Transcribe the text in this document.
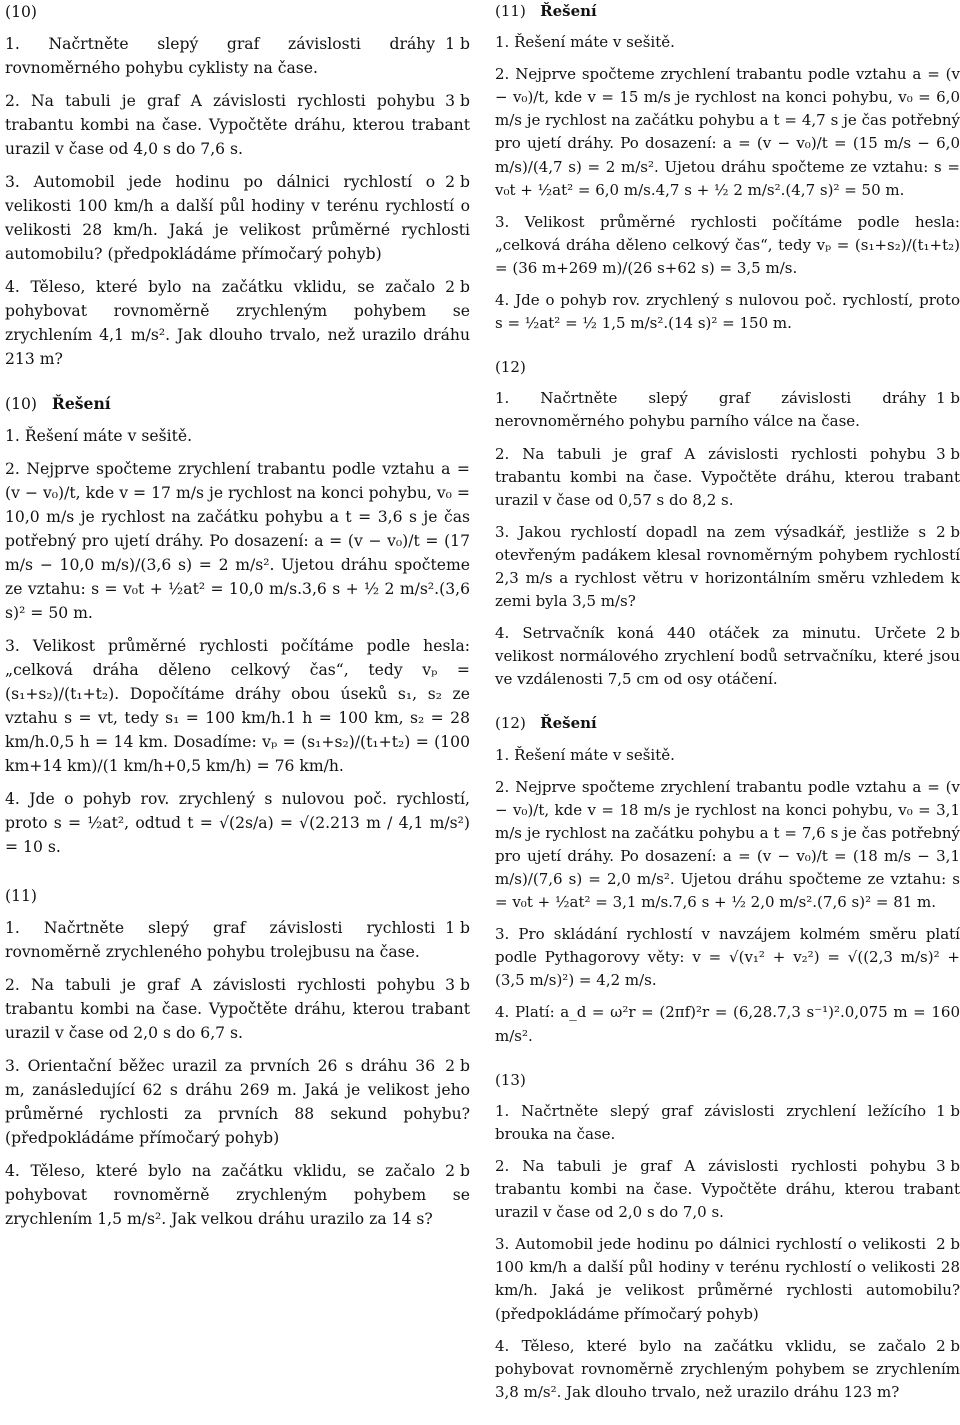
(10)
1 b
1. Načrtněte slepý graf závislosti dráhy rovnoměrného pohybu cyklisty na čase.
3 b
2. Na tabuli je graf A závislosti rychlosti pohybu trabantu kombi na čase. Vypočtěte dráhu, kterou trabant urazil v čase od 4,0 s do 7,6 s.
2 b
3. Automobil jede hodinu po dálnici rychlostí o velikosti 100 km/h a další půl hodiny v terénu rychlostí o velikosti 28 km/h. Jaká je velikost průměrné rychlosti automobilu? (předpokládáme přímočarý pohyb)
2 b
4. Těleso, které bylo na začátku vklidu, se začalo pohybovat rovnoměrně zrychleným pohybem se zrychlením 4,1 m/s². Jak dlouho trvalo, než urazilo dráhu 213 m?
(10) Řešení
1. Řešení máte v sešitě.
2. Nejprve spočteme zrychlení trabantu podle vztahu a = (v − v₀)/t, kde v = 17 m/s je rychlost na konci pohybu, v₀ = 10,0 m/s je rychlost na začátku pohybu a t = 3,6 s je čas potřebný pro ujetí dráhy. Po dosazení: a = (v − v₀)/t = (17 m/s − 10,0 m/s)/(3,6 s) = 2 m/s². Ujetou dráhu spočteme ze vztahu: s = v₀t + ½at² = 10,0 m/s.3,6 s + ½ 2 m/s².(3,6 s)² = 50 m.
3. Velikost průměrné rychlosti počítáme podle hesla: „celková dráha děleno celkový čas“, tedy vₚ = (s₁+s₂)/(t₁+t₂). Dopočítáme dráhy obou úseků s₁, s₂ ze vztahu s = vt, tedy s₁ = 100 km/h.1 h = 100 km, s₂ = 28 km/h.0,5 h = 14 km. Dosadíme: vₚ = (s₁+s₂)/(t₁+t₂) = (100 km+14 km)/(1 km/h+0,5 km/h) = 76 km/h.
4. Jde o pohyb rov. zrychlený s nulovou poč. rychlostí, proto s = ½at², odtud t = √(2s/a) = √(2.213 m / 4,1 m/s²) = 10 s.
(11)
1 b
1. Načrtněte slepý graf závislosti rychlosti rovnoměrně zrychleného pohybu trolejbusu na čase.
3 b
2. Na tabuli je graf A závislosti rychlosti pohybu trabantu kombi na čase. Vypočtěte dráhu, kterou trabant urazil v čase od 2,0 s do 6,7 s.
2 b
3. Orientační běžec urazil za prvních 26 s dráhu 36 m, zanásledující 62 s dráhu 269 m. Jaká je velikost jeho průměrné rychlosti za prvních 88 sekund pohybu? (předpokládáme přímočarý pohyb)
2 b
4. Těleso, které bylo na začátku vklidu, se začalo pohybovat rovnoměrně zrychleným pohybem se zrychlením 1,5 m/s². Jak velkou dráhu urazilo za 14 s?
(11) Řešení
1. Řešení máte v sešitě.
2. Nejprve spočteme zrychlení trabantu podle vztahu a = (v − v₀)/t, kde v = 15 m/s je rychlost na konci pohybu, v₀ = 6,0 m/s je rychlost na začátku pohybu a t = 4,7 s je čas potřebný pro ujetí dráhy. Po dosazení: a = (v − v₀)/t = (15 m/s − 6,0 m/s)/(4,7 s) = 2 m/s². Ujetou dráhu spočteme ze vztahu: s = v₀t + ½at² = 6,0 m/s.4,7 s + ½ 2 m/s².(4,7 s)² = 50 m.
3. Velikost průměrné rychlosti počítáme podle hesla: „celková dráha děleno celkový čas“, tedy vₚ = (s₁+s₂)/(t₁+t₂) = (36 m+269 m)/(26 s+62 s) = 3,5 m/s.
4. Jde o pohyb rov. zrychlený s nulovou poč. rychlostí, proto s = ½at² = ½ 1,5 m/s².(14 s)² = 150 m.
(12)
1 b
1. Načrtněte slepý graf závislosti dráhy nerovnoměrného pohybu parního válce na čase.
3 b
2. Na tabuli je graf A závislosti rychlosti pohybu trabantu kombi na čase. Vypočtěte dráhu, kterou trabant urazil v čase od 0,57 s do 8,2 s.
2 b
3. Jakou rychlostí dopadl na zem výsadkář, jestliže s otevřeným padákem klesal rovnoměrným pohybem rychlostí 2,3 m/s a rychlost větru v horizontálním směru vzhledem k zemi byla 3,5 m/s?
2 b
4. Setrvačník koná 440 otáček za minutu. Určete velikost normálového zrychlení bodů setrvačníku, které jsou ve vzdálenosti 7,5 cm od osy otáčení.
(12) Řešení
1. Řešení máte v sešitě.
2. Nejprve spočteme zrychlení trabantu podle vztahu a = (v − v₀)/t, kde v = 18 m/s je rychlost na konci pohybu, v₀ = 3,1 m/s je rychlost na začátku pohybu a t = 7,6 s je čas potřebný pro ujetí dráhy. Po dosazení: a = (v − v₀)/t = (18 m/s − 3,1 m/s)/(7,6 s) = 2,0 m/s². Ujetou dráhu spočteme ze vztahu: s = v₀t + ½at² = 3,1 m/s.7,6 s + ½ 2,0 m/s².(7,6 s)² = 81 m.
3. Pro skládání rychlostí v navzájem kolmém směru platí podle Pythagorovy věty: v = √(v₁² + v₂²) = √((2,3 m/s)² + (3,5 m/s)²) = 4,2 m/s.
4. Platí: a_d = ω²r = (2πf)²r = (6,28.7,3 s⁻¹)².0,075 m = 160 m/s².
(13)
1 b
1. Načrtněte slepý graf závislosti zrychlení ležícího brouka na čase.
3 b
2. Na tabuli je graf A závislosti rychlosti pohybu trabantu kombi na čase. Vypočtěte dráhu, kterou trabant urazil v čase od 2,0 s do 7,0 s.
2 b
3. Automobil jede hodinu po dálnici rychlostí o velikosti 100 km/h a další půl hodiny v terénu rychlostí o velikosti 28 km/h. Jaká je velikost průměrné rychlosti automobilu? (předpokládáme přímočarý pohyb)
2 b
4. Těleso, které bylo na začátku vklidu, se začalo pohybovat rovnoměrně zrychleným pohybem se zrychlením 3,8 m/s². Jak dlouho trvalo, než urazilo dráhu 123 m?
